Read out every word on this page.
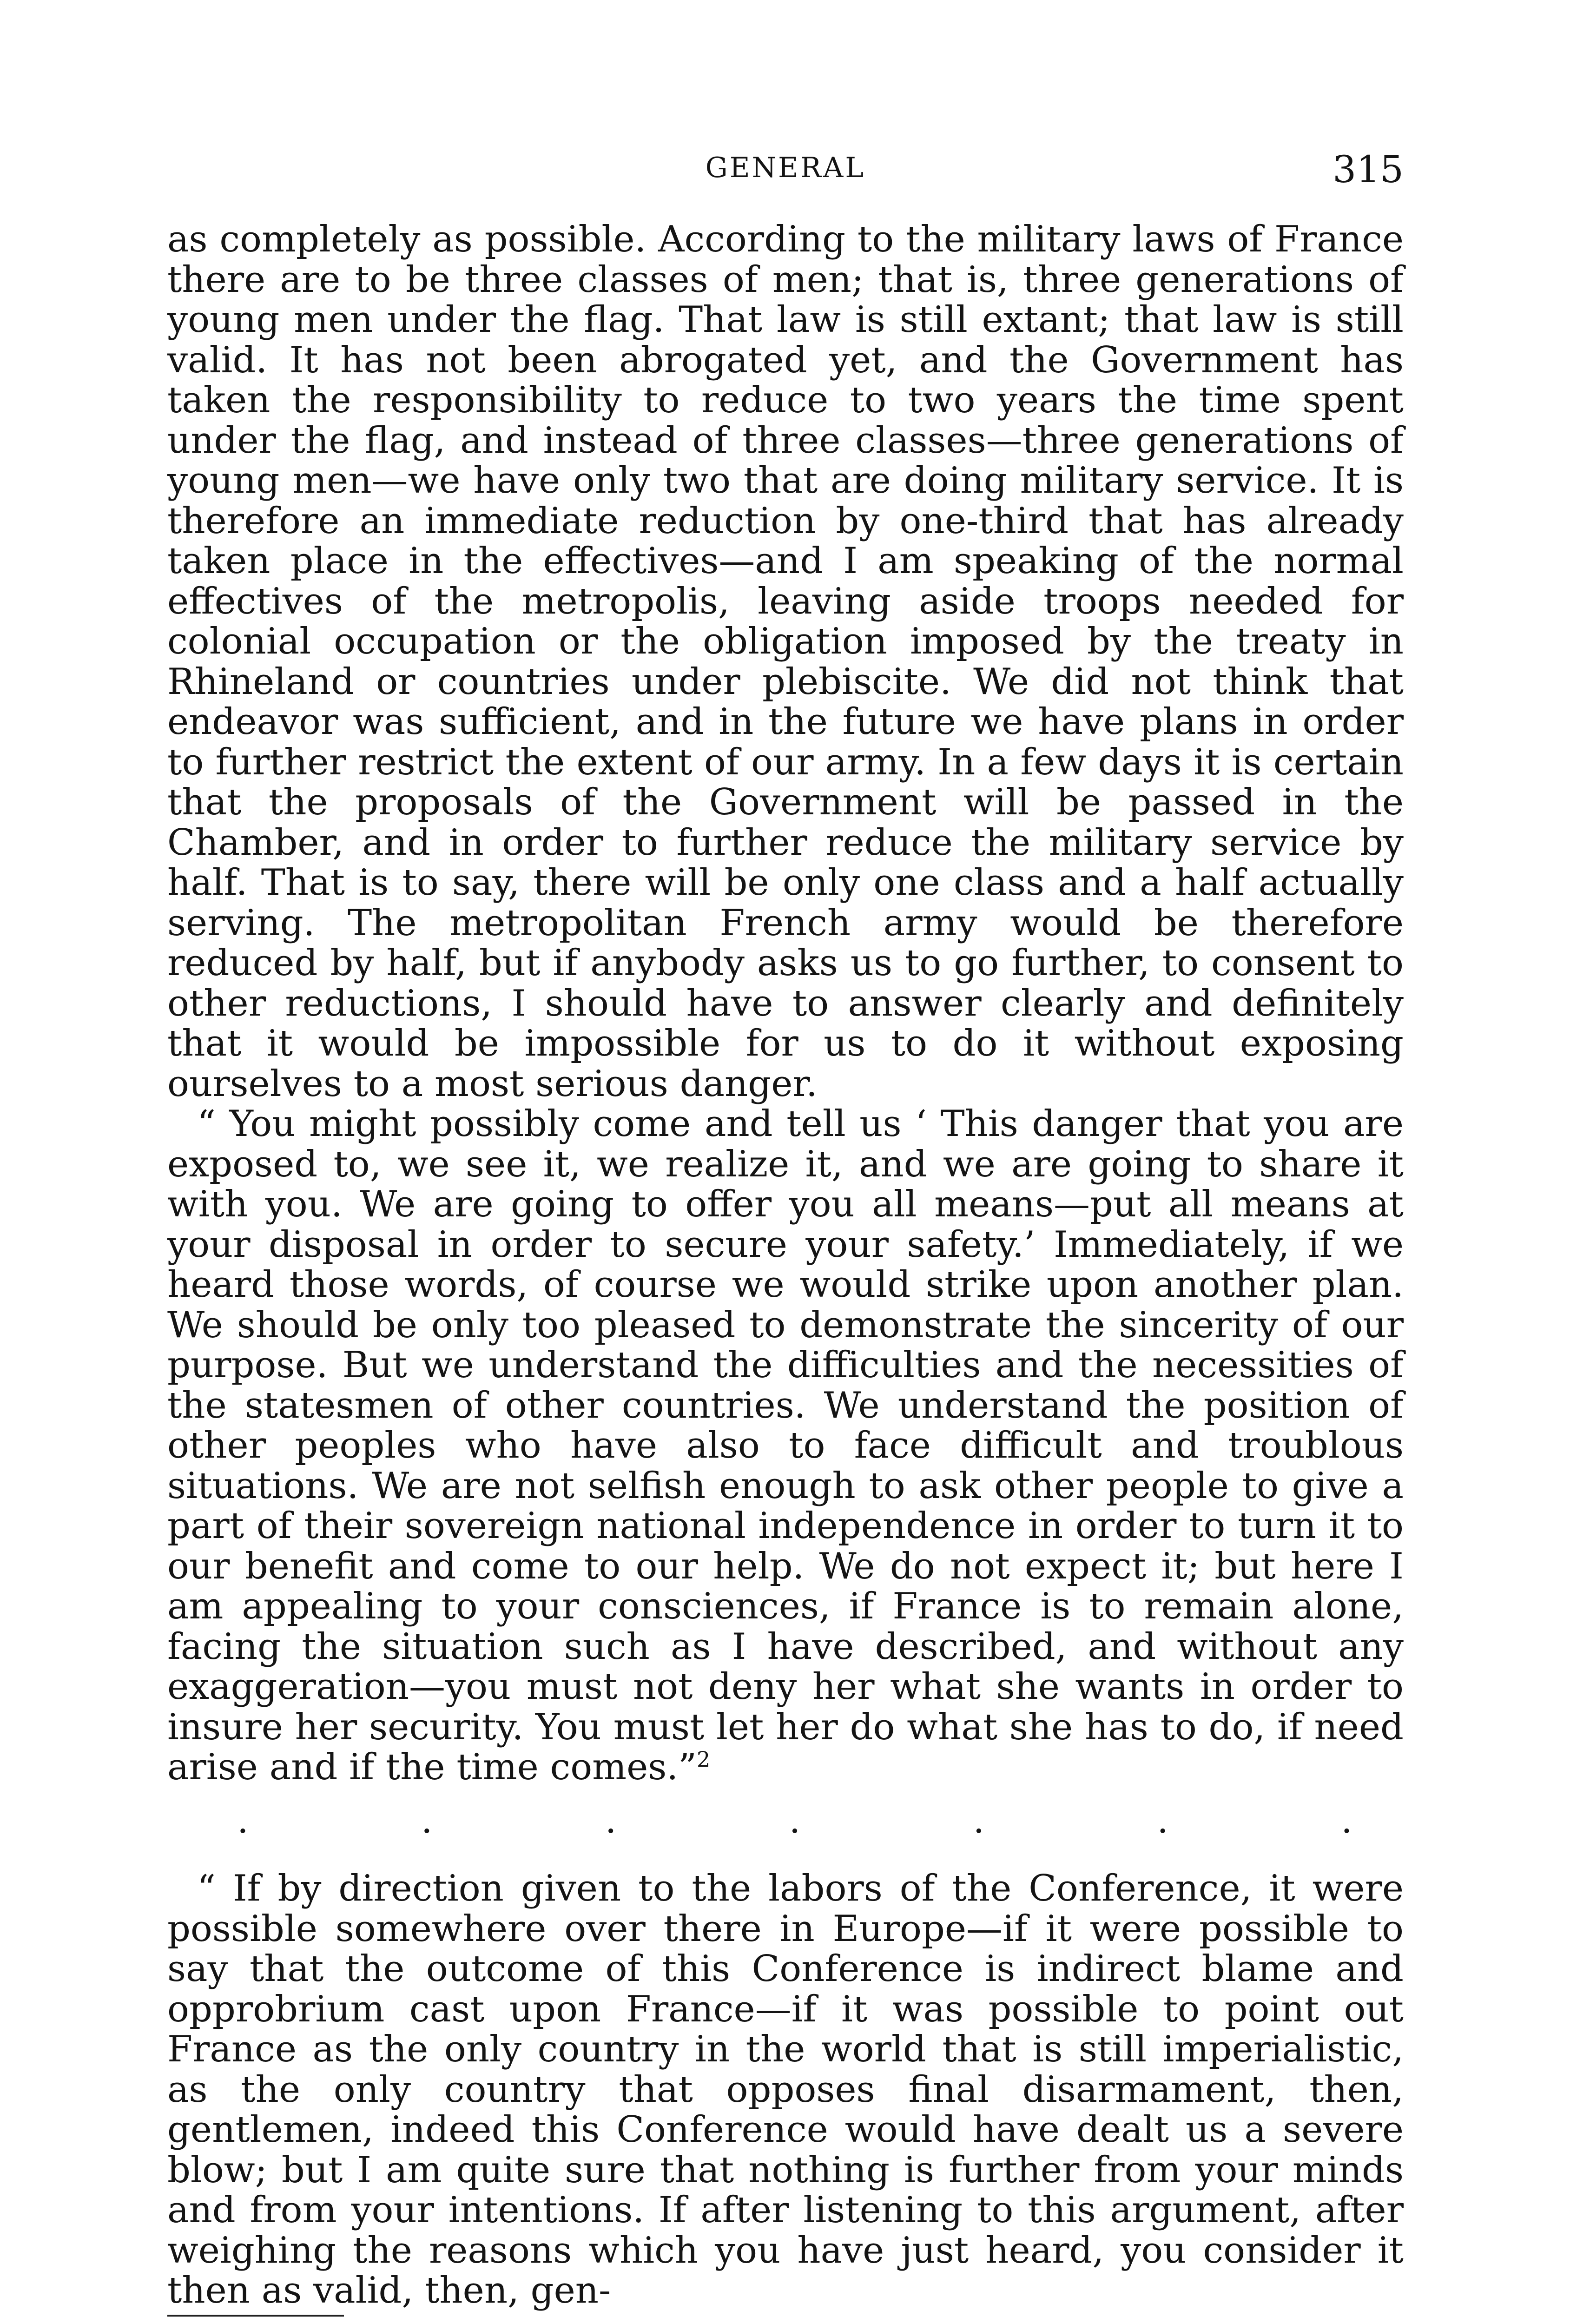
GENERAL	315

as completely as possible. According to the military laws of France there are to be three classes of men; that is, three generations of young men under the flag. That law is still extant; that law is still valid. It has not been abrogated yet, and the Government has taken the responsibility to reduce to two years the time spent under the flag, and instead of three classes—three generations of young men—we have only two that are doing military service. It is therefore an immediate reduction by one-third that has already taken place in the effectives—and I am speaking of the normal effectives of the metropolis, leaving aside troops needed for colonial occupation or the obligation imposed by the treaty in Rhineland or countries under plebiscite. We did not think that endeavor was sufficient, and in the future we have plans in order to further restrict the extent of our army. In a few days it is certain that the proposals of the Government will be passed in the Chamber, and in order to further reduce the military service by half. That is to say, there will be only one class and a half actually serving. The metropolitan French army would be therefore reduced by half, but if anybody asks us to go further, to consent to other reductions, I should have to answer clearly and definitely that it would be impossible for us to do it without exposing ourselves to a most serious danger.

“ You might possibly come and tell us ‘ This danger that you are exposed to, we see it, we realize it, and we are going to share it with you. We are going to offer you all means—put all means at your disposal in order to secure your safety.’ Immediately, if we heard those words, of course we would strike upon another plan. We should be only too pleased to demonstrate the sincerity of our purpose. But we understand the difficulties and the necessities of the statesmen of other countries. We understand the position of other peoples who have also to face difficult and troublous situations. We are not selfish enough to ask other people to give a part of their sovereign national independence in order to turn it to our benefit and come to our help. We do not expect it; but here I am appealing to your consciences, if France is to remain alone, facing the situation such as I have described, and without any exaggeration—you must not deny her what she wants in order to insure her security. You must let her do what she has to do, if need arise and if the time comes.”$^2$

.	.	.	.	.	.	.

“ If by direction given to the labors of the Conference, it were possible somewhere over there in Europe—if it were possible to say that the outcome of this Conference is indirect blame and opprobrium cast upon France—if it was possible to point out France as the only country in the world that is still imperialistic, as the only country that opposes final disarmament, then, gentlemen, indeed this Conference would have dealt us a severe blow; but I am quite sure that nothing is further from your minds and from your intentions. If after listening to this argument, after weighing the reasons which you have just heard, you consider it then as valid, then, gen-
